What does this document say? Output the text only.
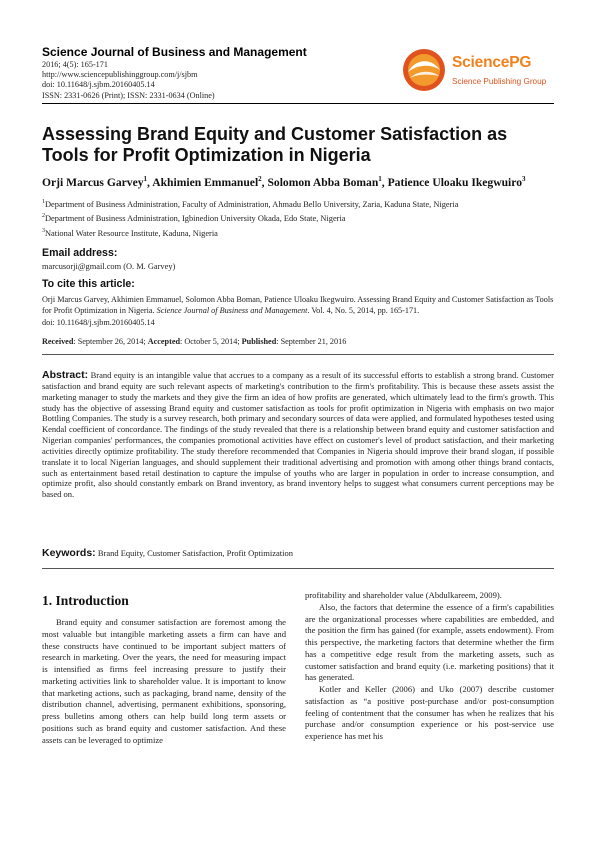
Science Journal of Business and Management
2016; 4(5): 165-171
http://www.sciencepublishinggroup.com/j/sjbm
doi: 10.11648/j.sjbm.20160405.14
ISSN: 2331-0626 (Print); ISSN: 2331-0634 (Online)
SciencePG
Science Publishing Group
Assessing Brand Equity and Customer Satisfaction as Tools for Profit Optimization in Nigeria
Orji Marcus Garvey$^1$, Akhimien Emmanuel$^2$, Solomon Abba Boman$^1$, Patience Uloaku Ikegwuiro$^3$
$^1$Department of Business Administration, Faculty of Administration, Ahmadu Bello University, Zaria, Kaduna State, Nigeria
$^2$Department of Business Administration, Igbinedion University Okada, Edo State, Nigeria
$^3$National Water Resource Institute, Kaduna, Nigeria
Email address:
marcusorji@gmail.com (O. M. Garvey)
To cite this article:
Orji Marcus Garvey, Akhimien Emmanuel, Solomon Abba Boman, Patience Uloaku Ikegwuiro. Assessing Brand Equity and Customer Satisfaction as Tools for Profit Optimization in Nigeria. Science Journal of Business and Management. Vol. 4, No. 5, 2014, pp. 165-171.
doi: 10.11648/j.sjbm.20160405.14
Received: September 26, 2014; Accepted: October 5, 2014; Published: September 21, 2016
Abstract: Brand equity is an intangible value that accrues to a company as a result of its successful efforts to establish a strong brand. Customer satisfaction and brand equity are such relevant aspects of marketing's contribution to the firm's profitability. This is because these assets assist the marketing manager to study the markets and they give the firm an idea of how profits are generated, which ultimately lead to the firm's growth. This study has the objective of assessing Brand equity and customer satisfaction as tools for profit optimization in Nigeria with emphasis on two major Bottling Companies. The study is a survey research, both primary and secondary sources of data were applied, and formulated hypotheses tested using Kendal coefficient of concordance. The findings of the study revealed that there is a relationship between brand equity and customer satisfaction and Nigerian companies' performances, the companies promotional activities have effect on customer's level of product satisfaction, and their marketing activities directly optimize profitability. The study therefore recommended that Companies in Nigeria should improve their brand slogan, if possible translate it to local Nigerian languages, and should supplement their traditional advertising and promotion with among other things brand contacts, such as entertainment based retail destination to capture the impulse of youths who are larger in population in order to increase consumption, and optimize profit, also should constantly embark on Brand inventory, as brand inventory helps to suggest what consumers current perceptions may be based on.
Keywords: Brand Equity, Customer Satisfaction, Profit Optimization
1. Introduction

Brand equity and consumer satisfaction are foremost among the most valuable but intangible marketing assets a firm can have and these constructs have continued to be important subject matters of research in marketing. Over the years, the need for measuring impact is intensified as firms feel increasing pressure to justify their marketing activities link to shareholder value. It is important to know that marketing actions, such as packaging, brand name, density of the distribution channel, advertising, permanent exhibitions, sponsoring, press bulletins among others can help build long term assets or positions such as brand equity and customer satisfaction. And these assets can be leveraged to optimize

profitability and shareholder value (Abdulkareem, 2009).

Also, the factors that determine the essence of a firm's capabilities are the organizational processes where capabilities are embedded, and the position the firm has gained (for example, assets endowment). From this perspective, the marketing factors that determine whether the firm has a competitive edge result from the marketing assets, such as customer satisfaction and brand equity (i.e. marketing positions) that it has generated.

Kotler and Keller (2006) and Uko (2007) describe customer satisfaction as “a positive post-purchase and/or post-consumption feeling of contentment that the consumer has when he realizes that his purchase and/or consumption experience or his post-service use experience has met his
